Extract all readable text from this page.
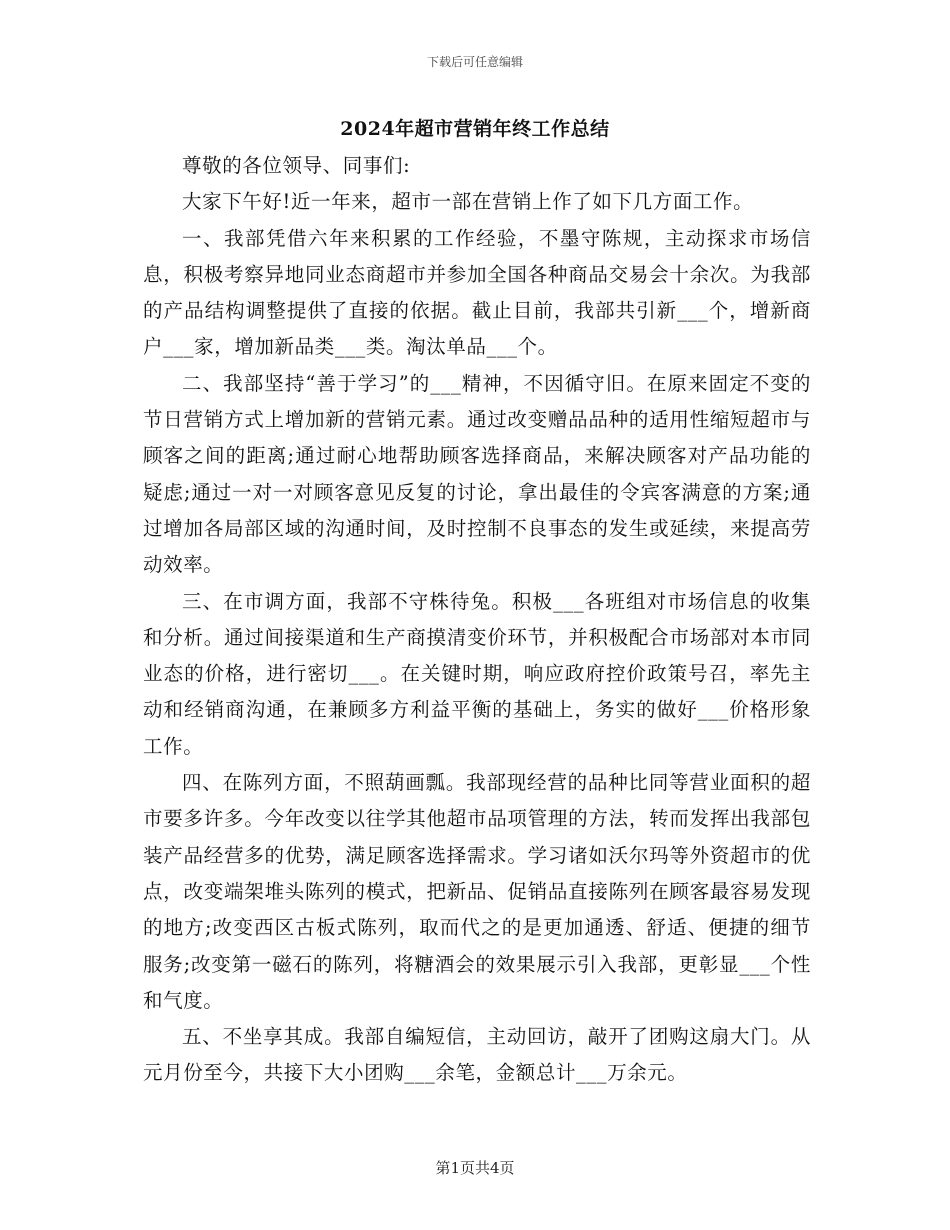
下载后可任意编辑
2024年超市营销年终工作总结

尊敬的各位领导、同事们:

大家下午好!近一年来，超市一部在营销上作了如下几方面工作。

一、我部凭借六年来积累的工作经验，不墨守陈规，主动探求市场信息，积极考察异地同业态商超市并参加全国各种商品交易会十余次。为我部的产品结构调整提供了直接的依据。截止目前，我部共引新___个，增新商户___家，增加新品类___类。淘汰单品___个。

二、我部坚持“善于学习”的___精神，不因循守旧。在原来固定不变的节日营销方式上增加新的营销元素。通过改变赠品品种的适用性缩短超市与顾客之间的距离;通过耐心地帮助顾客选择商品，来解决顾客对产品功能的疑虑;通过一对一对顾客意见反复的讨论，拿出最佳的令宾客满意的方案;通过增加各局部区域的沟通时间，及时控制不良事态的发生或延续，来提高劳动效率。

三、在市调方面，我部不守株待兔。积极___各班组对市场信息的收集和分析。通过间接渠道和生产商摸清变价环节，并积极配合市场部对本市同业态的价格，进行密切___。在关键时期，响应政府控价政策号召，率先主动和经销商沟通，在兼顾多方利益平衡的基础上，务实的做好___价格形象工作。

四、在陈列方面，不照葫画瓢。我部现经营的品种比同等营业面积的超市要多许多。今年改变以往学其他超市品项管理的方法，转而发挥出我部包装产品经营多的优势，满足顾客选择需求。学习诸如沃尔玛等外资超市的优点，改变端架堆头陈列的模式，把新品、促销品直接陈列在顾客最容易发现的地方;改变西区古板式陈列，取而代之的是更加通透、舒适、便捷的细节服务;改变第一磁石的陈列，将糖酒会的效果展示引入我部，更彰显___个性和气度。

五、不坐享其成。我部自编短信，主动回访，敲开了团购这扇大门。从元月份至今，共接下大小团购___余笔，金额总计___万余元。

第1页共4页
